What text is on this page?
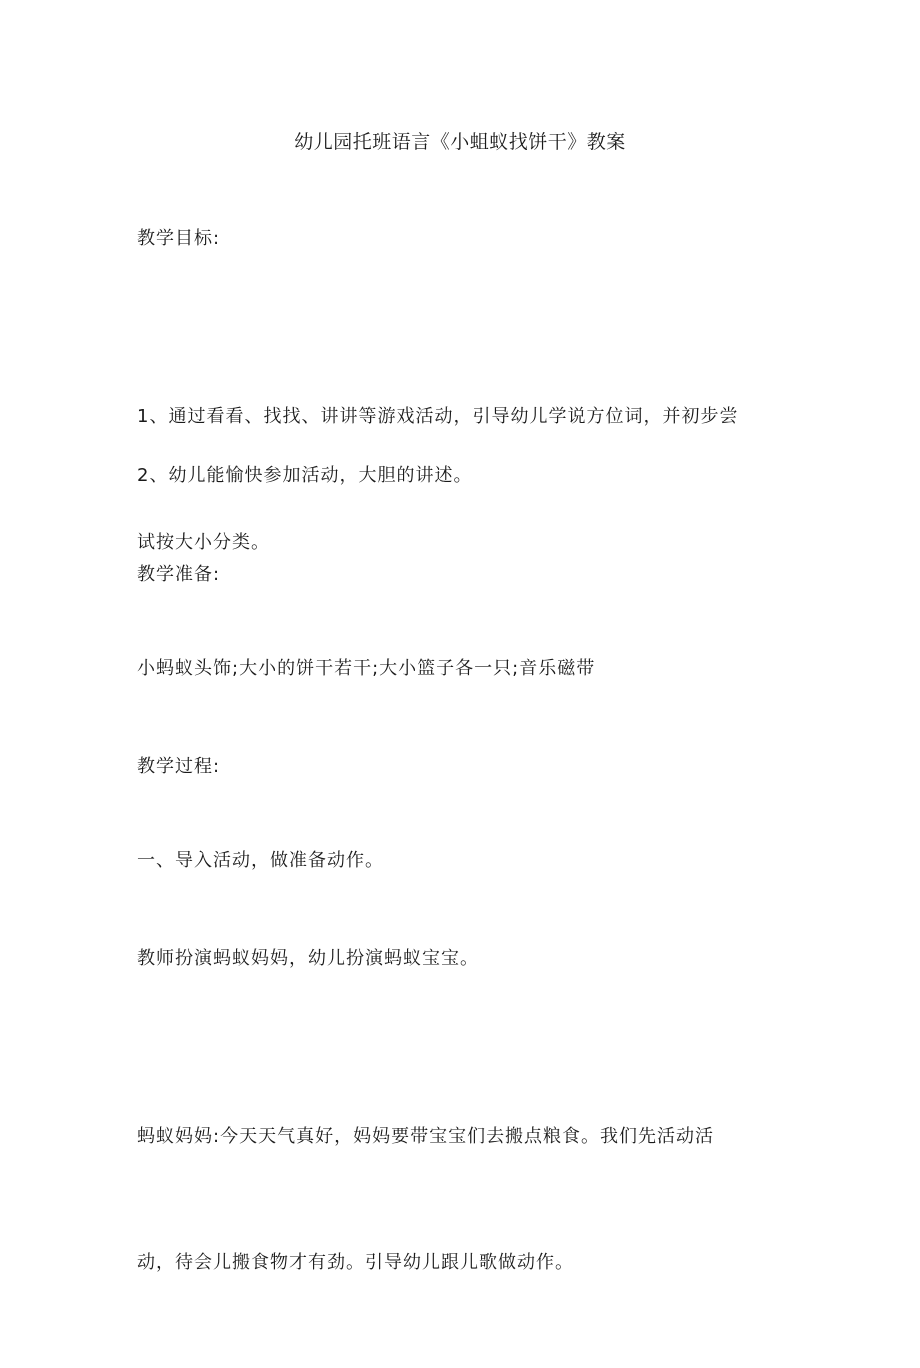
幼儿园托班语言《小蛆蚁找饼干》教案
教学目标:

1、通过看看、找找、讲讲等游戏活动，引导幼儿学说方位词，并初步尝

试按大小分类。

2、幼儿能愉快参加活动，大胆的讲述。
教学准备:
小蚂蚁头饰;大小的饼干若干;大小篮子各一只;音乐磁带
教学过程:
一、导入活动，做准备动作。
教师扮演蚂蚁妈妈，幼儿扮演蚂蚁宝宝。

蚂蚁妈妈:今天天气真好，妈妈要带宝宝们去搬点粮食。我们先活动活

动，待会儿搬食物才有劲。引导幼儿跟儿歌做动作。
